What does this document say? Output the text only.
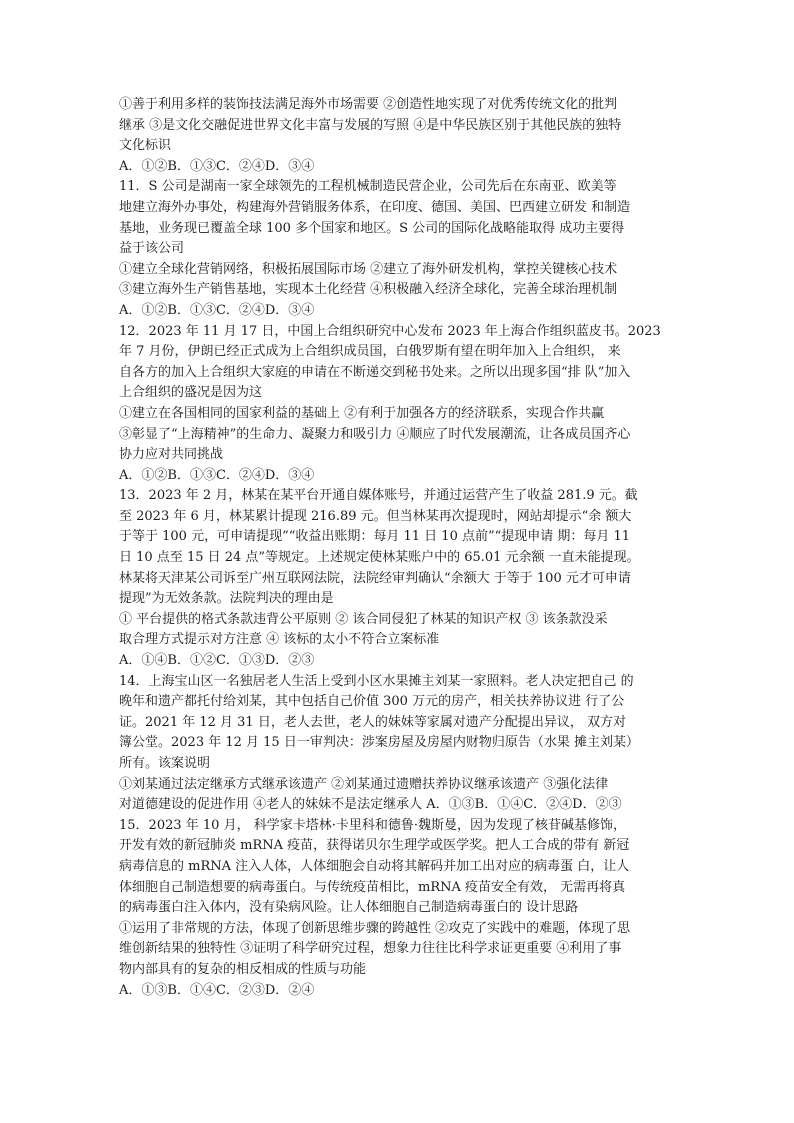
①善于利用多样的装饰技法满足海外市场需要 ②创造性地实现了对优秀传统文化的批判
继承 ③是文化交融促进世界文化丰富与发展的写照 ④是中华民族区别于其他民族的独特
文化标识
A．①②B．①③C．②④D．③④
11．S 公司是湖南一家全球领先的工程机械制造民营企业，公司先后在东南亚、欧美等
地建立海外办事处，构建海外营销服务体系，在印度、德国、美国、巴西建立研发 和制造
基地，业务现已覆盖全球 100 多个国家和地区。S 公司的国际化战略能取得 成功主要得
益于该公司
①建立全球化营销网络，积极拓展国际市场 ②建立了海外研发机构，掌控关键核心技术
③建立海外生产销售基地，实现本土化经营 ④积极融入经济全球化，完善全球治理机制
A．①②B．①③C．②④D．③④
12．2023 年 11 月 17 日，中国上合组织研究中心发布 2023 年上海合作组织蓝皮书。2023
年 7 月份，伊朗已经正式成为上合组织成员国，白俄罗斯有望在明年加入上合组织， 来
自各方的加入上合组织大家庭的申请在不断递交到秘书处来。之所以出现多国“排 队”加入
上合组织的盛况是因为这
①建立在各国相同的国家利益的基础上 ②有利于加强各方的经济联系，实现合作共赢
③彰显了“上海精神”的生命力、凝聚力和吸引力 ④顺应了时代发展潮流，让各成员国齐心
协力应对共同挑战
A．①②B．①③C．②④D．③④
13．2023 年 2 月，林某在某平台开通自媒体账号，并通过运营产生了收益 281.9 元。截
至 2023 年 6 月，林某累计提现 216.89 元。但当林某再次提现时，网站却提示“余 额大
于等于 100 元，可申请提现”“收益出账期：每月 11 日 10 点前”“提现申请 期：每月 11
日 10 点至 15 日 24 点”等规定。上述规定使林某账户中的 65.01 元余额 一直未能提现。
林某将天津某公司诉至广州互联网法院，法院经审判确认“余额大 于等于 100 元才可申请
提现”为无效条款。法院判决的理由是
① 平台提供的格式条款违背公平原则 ② 该合同侵犯了林某的知识产权 ③ 该条款没采
取合理方式提示对方注意 ④ 该标的太小不符合立案标准
A．①④B．①②C．①③D．②③
14．上海宝山区一名独居老人生活上受到小区水果摊主刘某一家照料。老人决定把自己 的
晚年和遗产都托付给刘某，其中包括自己价值 300 万元的房产，相关扶养协议进 行了公
证。2021 年 12 月 31 日，老人去世，老人的妹妹等家属对遗产分配提出异议， 双方对
簿公堂。2023 年 12 月 15 日一审判决：涉案房屋及房屋内财物归原告（水果 摊主刘某）
所有。该案说明
①刘某通过法定继承方式继承该遗产 ②刘某通过遗赠扶养协议继承该遗产 ③强化法律
对道德建设的促进作用 ④老人的妹妹不是法定继承人 A．①③B．①④C．②④D．②③
15．2023 年 10 月， 科学家卡塔林·卡里科和德鲁·魏斯曼，因为发现了核苷碱基修饰，
开发有效的新冠肺炎 mRNA 疫苗，获得诺贝尔生理学或医学奖。把人工合成的带有 新冠
病毒信息的 mRNA 注入人体，人体细胞会自动将其解码并加工出对应的病毒蛋 白，让人
体细胞自己制造想要的病毒蛋白。与传统疫苗相比，mRNA 疫苗安全有效， 无需再将真
的病毒蛋白注入体内，没有染病风险。让人体细胞自己制造病毒蛋白的 设计思路
①运用了非常规的方法，体现了创新思维步骤的跨越性 ②攻克了实践中的难题，体现了思
维创新结果的独特性 ③证明了科学研究过程，想象力往往比科学求证更重要 ④利用了事
物内部具有的复杂的相反相成的性质与功能
A．①③B．①④C．②③D．②④
